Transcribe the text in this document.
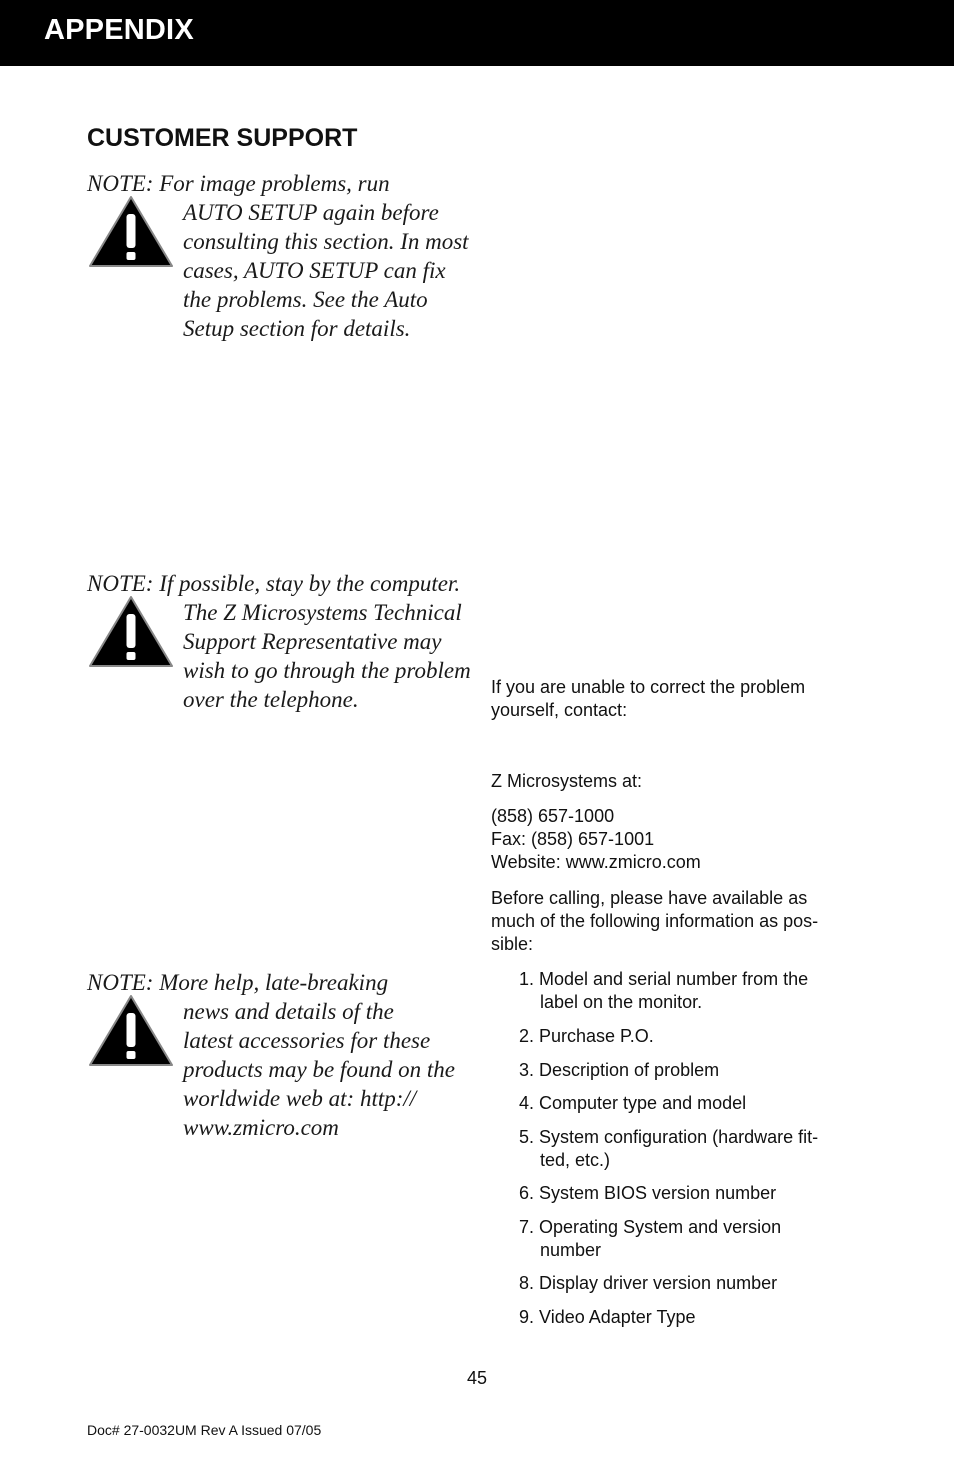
APPENDIX
CUSTOMER SUPPORT
NOTE: For image problems, run
AUTO SETUP again before
consulting this section. In most
cases, AUTO SETUP can fix
the problems. See the Auto
Setup section for details.
NOTE: If possible, stay by the computer.
The Z Microsystems Technical
Support Representative may
wish to go through the problem
over the telephone.
NOTE: More help, late-breaking
news and details of the
latest accessories for these
products may be found on the
worldwide web at: http://
www.zmicro.com

If you are unable to correct the problem

yourself, contact:

Z Microsystems at:

(858) 657-1000

Fax: (858) 657-1001

Website: www.zmicro.com

Before calling, please have available as

much of the following information as pos-

sible:

1. Model and serial number from the
label on the monitor.
2. Purchase P.O.
3. Description of problem
4. Computer type and model
5. System configuration (hardware fit-
ted, etc.)
6. System BIOS version number
7. Operating System and version
number
8. Display driver version number
9. Video Adapter Type
45
Doc# 27-0032UM Rev A Issued 07/05
